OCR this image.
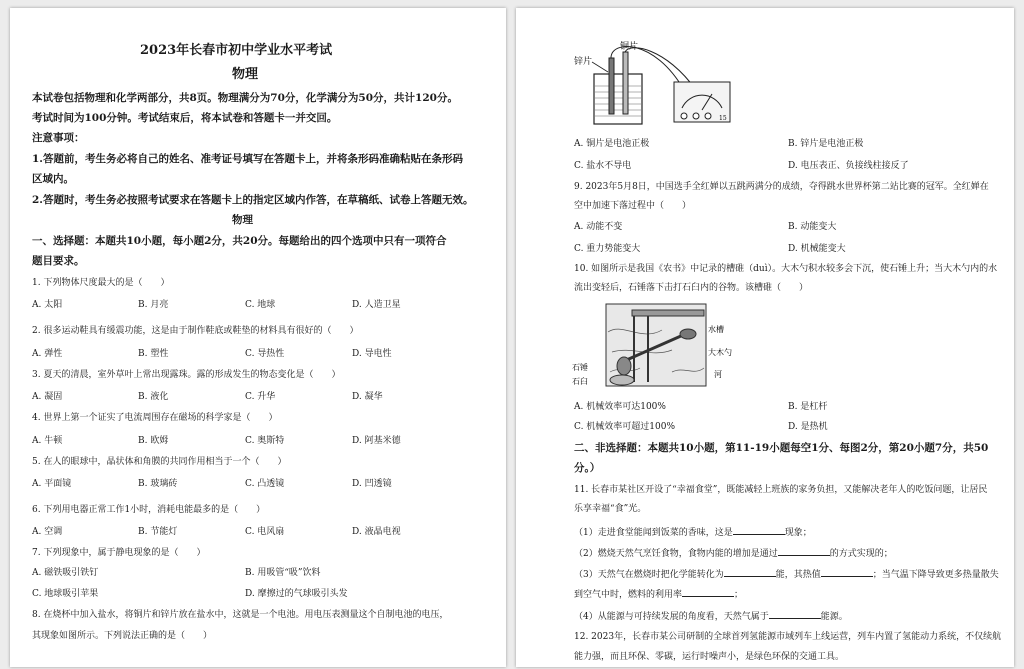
2023年长春市初中学业水平考试
物理
本试卷包括物理和化学两部分，共8页。物理满分为70分，化学满分为50分，共计120分。
考试时间为100分钟。考试结束后，将本试卷和答题卡一并交回。
注意事项：
1.答题前，考生务必将自己的姓名、准考证号填写在答题卡上，并将条形码准确粘贴在条形码
区域内。
2.答题时，考生务必按照考试要求在答题卡上的指定区域内作答，在草稿纸、试卷上答题无效。
物理
一、选择题：本题共10小题，每小题2分，共20分。每题给出的四个选项中只有一项符合
题目要求。
1. 下列物体尺度最大的是（　　）
A. 太阳	B. 月亮	C. 地球	D. 人造卫星
2. 很多运动鞋具有缓震功能，这是由于制作鞋底或鞋垫的材料具有很好的（　　）
A. 弹性	B. 塑性	C. 导热性	D. 导电性
3. 夏天的清晨，室外草叶上常出现露珠。露的形成发生的物态变化是（　　）
A. 凝固	B. 液化	C. 升华	D. 凝华
4. 世界上第一个证实了电流周围存在磁场的科学家是（　　）
A. 牛顿	B. 欧姆	C. 奥斯特	D. 阿基米德
5. 在人的眼球中，晶状体和角膜的共同作用相当于一个（　　）
A. 平面镜	B. 玻璃砖	C. 凸透镜	D. 凹透镜
6. 下列用电器正常工作1小时，消耗电能最多的是（　　）
A. 空调	B. 节能灯	C. 电风扇	D. 液晶电视
7. 下列现象中，属于静电现象的是（　　）
A. 磁铁吸引铁钉	B. 用吸管“吸”饮料
C. 地球吸引苹果	D. 摩擦过的气球吸引头发
8. 在烧杯中加入盐水，将铜片和锌片放在盐水中，这就是一个电池。用电压表测量这个自制电池的电压，
其现象如图所示。下列说法正确的是（　　）
锌片
铜片
15
A. 铜片是电池正极	B. 锌片是电池正极
C. 盐水不导电	D. 电压表正、负接线柱接反了
9. 2023年5月8日，中国选手全红婵以五跳两满分的成绩，夺得跳水世界杯第二站比赛的冠军。全红婵在
空中加速下落过程中（　　）
A. 动能不变	B. 动能变大
C. 重力势能变大	D. 机械能变大
10. 如图所示是我国《农书》中记录的槽碓（duì）。大木勺积水较多会下沉，使石锤上升；当大木勺内的水
流出变轻后，石锤落下击打石臼内的谷物。该槽碓（　　）
水槽
大木勺
河
石锤
石臼
A. 机械效率可达100%	B. 是杠杆
C. 机械效率可超过100%	D. 是热机
二、非选择题：本题共10小题，第11-19小题每空1分、每图2分，第20小题7分，共50
分。）
11. 长春市某社区开设了“幸福食堂”，既能减轻上班族的家务负担，又能解决老年人的吃饭问题，让居民
乐享幸福“食”光。
（1）走进食堂能闻到饭菜的香味，这是	现象；
（2）燃烧天然气烹饪食物，食物内能的增加是通过	的方式实现的；
（3）天然气在燃烧时把化学能转化为	能，其热值	；当气温下降导致更多热量散失
到空气中时，燃料的利用率	；
（4）从能源与可持续发展的角度看，天然气属于	能源。
12. 2023年，长春市某公司研制的全球首列氢能源市域列车上线运营，列车内置了氢能动力系统，不仅续航
能力强，而且环保、零碳，运行时噪声小，是绿色环保的交通工具。
